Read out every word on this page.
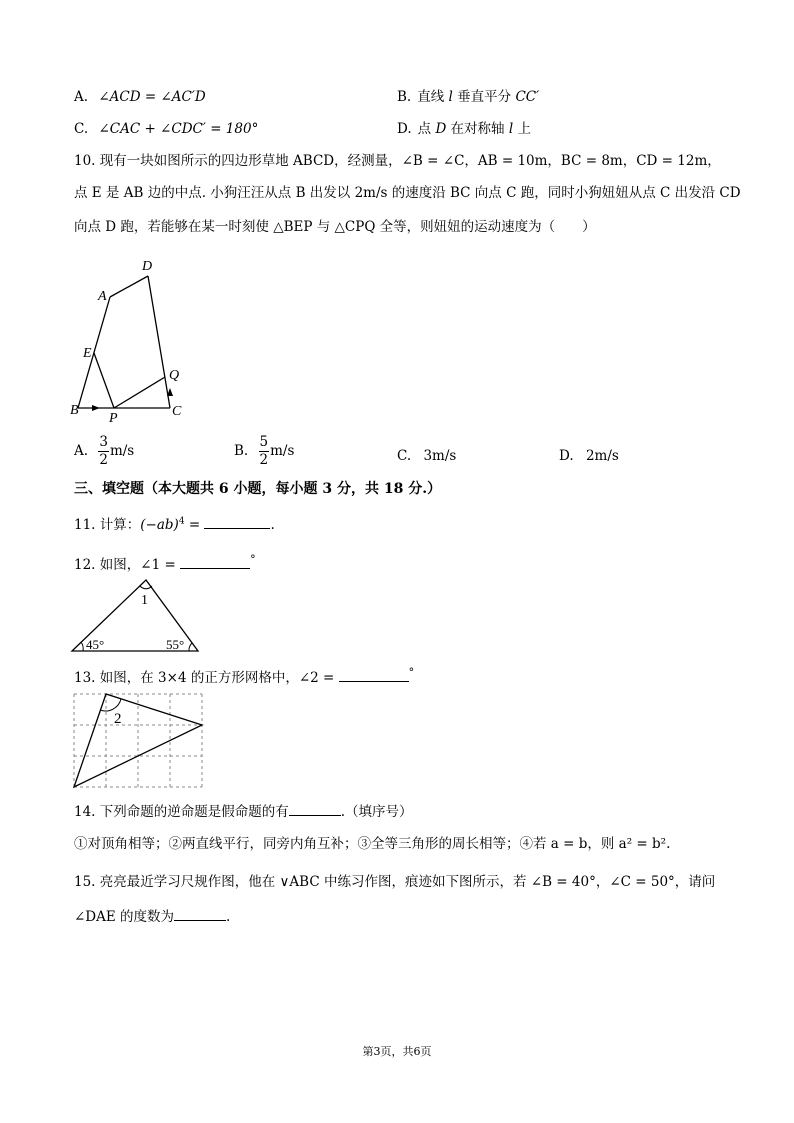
A. ∠ACD = ∠AC′D	B. 直线 l 垂直平分 CC′
C. ∠CAC + ∠CDC′ = 180°	D. 点 D 在对称轴 l 上
10. 现有一块如图所示的四边形草地 ABCD，经测量，∠B = ∠C，AB = 10m，BC = 8m，CD = 12m，
点 E 是 AB 边的中点. 小狗汪汪从点 B 出发以 2m/s 的速度沿 BC 向点 C 跑，同时小狗妞妞从点 C 出发沿 CD
向点 D 跑，若能够在某一时刻使 △BEP 与 △CPQ 全等，则妞妞的运动速度为（　　）
D
A
E
Q
B
P	C
A. $\frac{3}{2} m/s$	B. $\frac{5}{2} m/s$	C. 3m/s	D. 2m/s
三、填空题（本大题共 6 小题，每小题 3 分，共 18 分.）
11. 计算：$(-ab)^4$ =	.
12. 如图，∠1 =	°
1
45°	55°
13. 如图，在 3×4 的正方形网格中，∠2 =	°
2
14. 下列命题的逆命题是假命题的有	.（填序号）
①对顶角相等；②两直线平行，同旁内角互补；③全等三角形的周长相等；④若 a = b，则 a² = b².
15. 亮亮最近学习尺规作图，他在 ∨ABC 中练习作图，痕迹如下图所示，若 ∠B = 40°，∠C = 50°，请问
∠DAE 的度数为	.
第3页，共6页
